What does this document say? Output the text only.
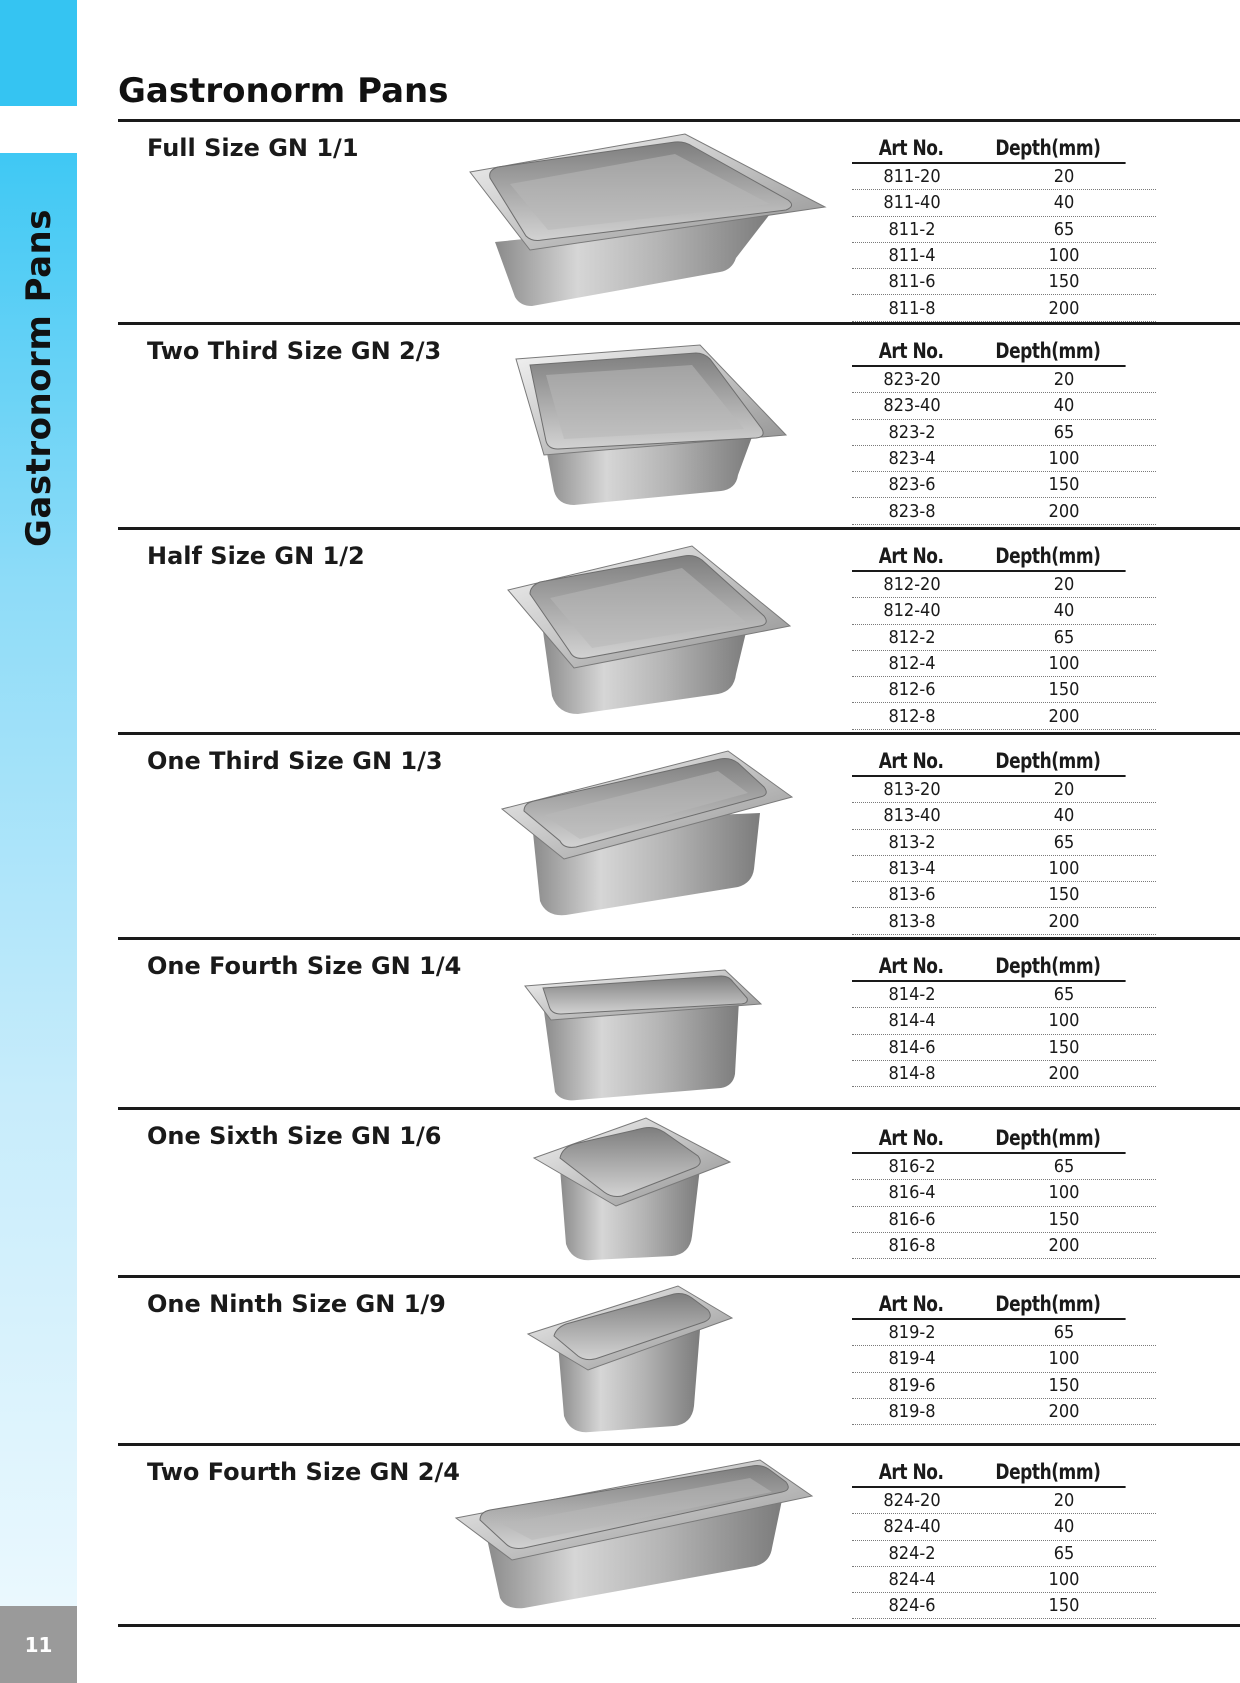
Gastronorm Pans
11
Gastronorm Pans
Full Size GN 1/1	Art No.	Depth(mm)
811-20	20
811-40	40
811-2	65
811-4	100
811-6	150
811-8	200
Two Third Size GN 2/3	Art No.	Depth(mm)
823-20	20
823-40	40
823-2	65
823-4	100
823-6	150
823-8	200
Half Size GN 1/2	Art No.	Depth(mm)
812-20	20
812-40	40
812-2	65
812-4	100
812-6	150
812-8	200
One Third Size GN 1/3	Art No.	Depth(mm)
813-20	20
813-40	40
813-2	65
813-4	100
813-6	150
813-8	200
One Fourth Size GN 1/4	Art No.	Depth(mm)
814-2	65
814-4	100
814-6	150
814-8	200
One Sixth Size GN 1/6	Art No.	Depth(mm)
816-2	65
816-4	100
816-6	150
816-8	200
One Ninth Size GN 1/9	Art No.	Depth(mm)
819-2	65
819-4	100
819-6	150
819-8	200
Two Fourth Size GN 2/4	Art No.	Depth(mm)
824-20	20
824-40	40
824-2	65
824-4	100
824-6	150
